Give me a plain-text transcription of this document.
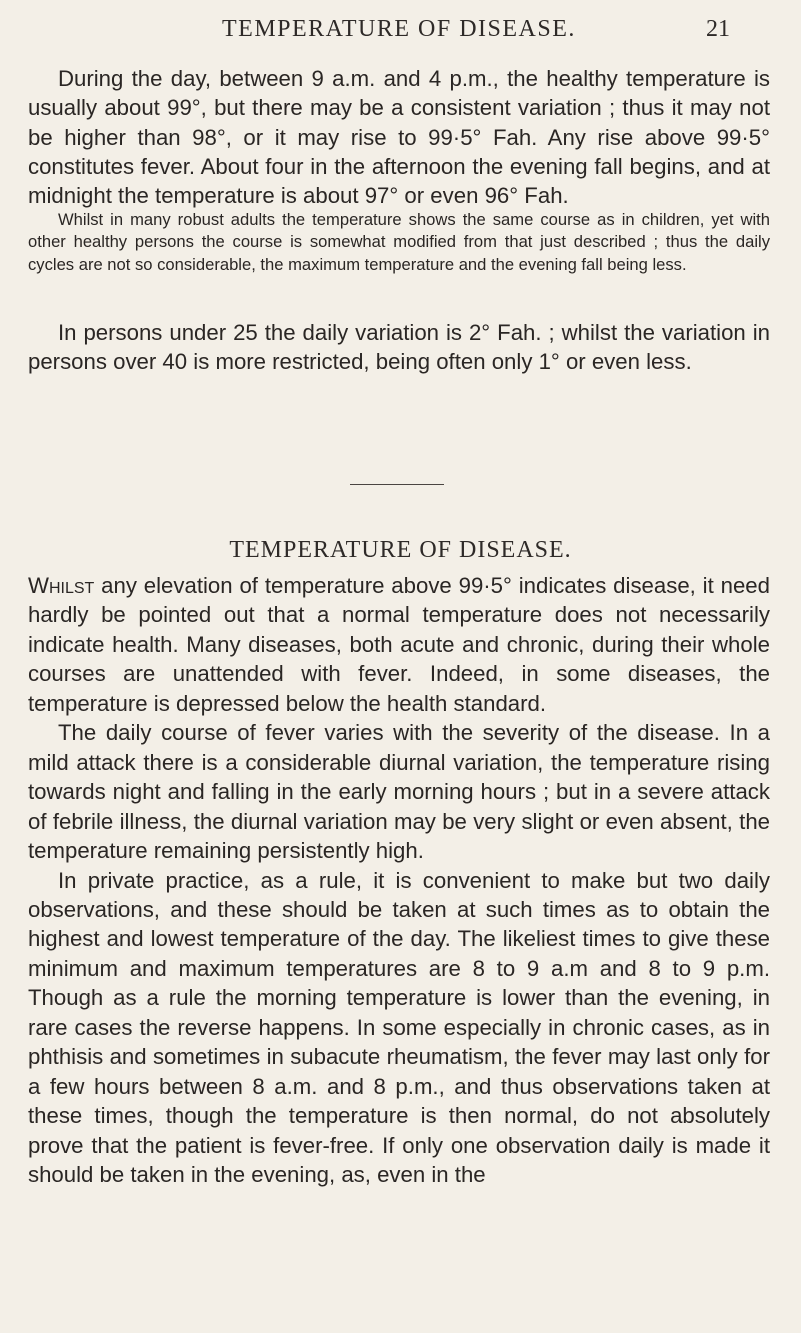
TEMPERATURE OF DISEASE.	21

During the day, between 9 a.m. and 4 p.m., the healthy temperature is usually about 99°, but there may be a consistent variation ; thus it may not be higher than 98°, or it may rise to 99·5° Fah. Any rise above 99·5° constitutes fever. About four in the afternoon the evening fall begins, and at midnight the temperature is about 97° or even 96° Fah.

Whilst in many robust adults the temperature shows the same course as in children, yet with other healthy persons the course is somewhat modified from that just described ; thus the daily cycles are not so considerable, the maximum temperature and the evening fall being less.

In persons under 25 the daily variation is 2° Fah. ; whilst the variation in persons over 40 is more restricted, being often only 1° or even less.

TEMPERATURE OF DISEASE.

Whilst any elevation of temperature above 99·5° indicates disease, it need hardly be pointed out that a normal temperature does not necessarily indicate health. Many diseases, both acute and chronic, during their whole courses are unattended with fever. Indeed, in some diseases, the temperature is depressed below the health standard.

The daily course of fever varies with the severity of the disease. In a mild attack there is a considerable diurnal variation, the temperature rising towards night and falling in the early morning hours ; but in a severe attack of febrile illness, the diurnal variation may be very slight or even absent, the temperature remaining persistently high.

In private practice, as a rule, it is convenient to make but two daily observations, and these should be taken at such times as to obtain the highest and lowest temperature of the day. The likeliest times to give these minimum and maximum temperatures are 8 to 9 a.m and 8 to 9 p.m. Though as a rule the morning temperature is lower than the evening, in rare cases the reverse happens. In some especially in chronic cases, as in phthisis and sometimes in subacute rheumatism, the fever may last only for a few hours between 8 a.m. and 8 p.m., and thus observations taken at these times, though the temperature is then normal, do not absolutely prove that the patient is fever-free. If only one observation daily is made it should be taken in the evening, as, even in the
